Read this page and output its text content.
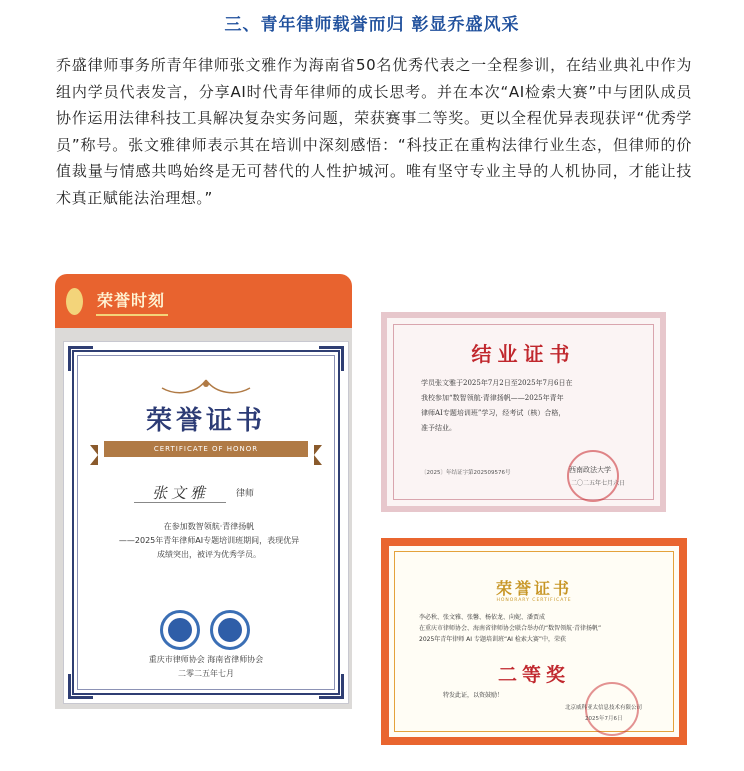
三、青年律师载誉而归 彰显乔盛风采
乔盛律师事务所青年律师张文雅作为海南省50名优秀代表之一全程参训，在结业典礼中作为组内学员代表发言，分享AI时代青年律师的成长思考。并在本次“AI检索大赛”中与团队成员协作运用法律科技工具解决复杂实务问题，荣获赛事二等奖。更以全程优异表现获评“优秀学员”称号。张文雅律师表示其在培训中深刻感悟：“科技正在重构法律行业生态，但律师的价值裁量与情感共鸣始终是无可替代的人性护城河。唯有坚守专业主导的人机协同，才能让技术真正赋能法治理想。”
荣誉时刻
荣誉证书
CERTIFICATE OF HONOR
张文雅	律师
在参加数智领航·青律扬帆
——2025年青年律师AI专题培训班期间，表现优异
成绩突出，被评为优秀学员。
重庆市律师协会 海南省律师协会
二零二五年七月
结业证书
学员张文雅于2025年7月2日至2025年7月6日在
我校参加“数智领航·青律扬帆——2025年青年
律师AI专题培训班”学习，经考试（核）合格，
准予结业。
〔2025〕年结证字第202509576号	西南政法大学
二〇二五年七月六日
荣誉证书
HONORARY CERTIFICATE
李必秋、张文雅、张馨、杨依龙、向妮、潘贾成
在重庆市律师协会、海南省律师协会联合举办的“数智领航·青律扬帆”
2025年青年律师 AI 专题培训班“AI 检索大赛”中，荣获
二等奖
特发此证，以资鼓励！
北京威科亚太信息技术有限公司
2025年7月6日
